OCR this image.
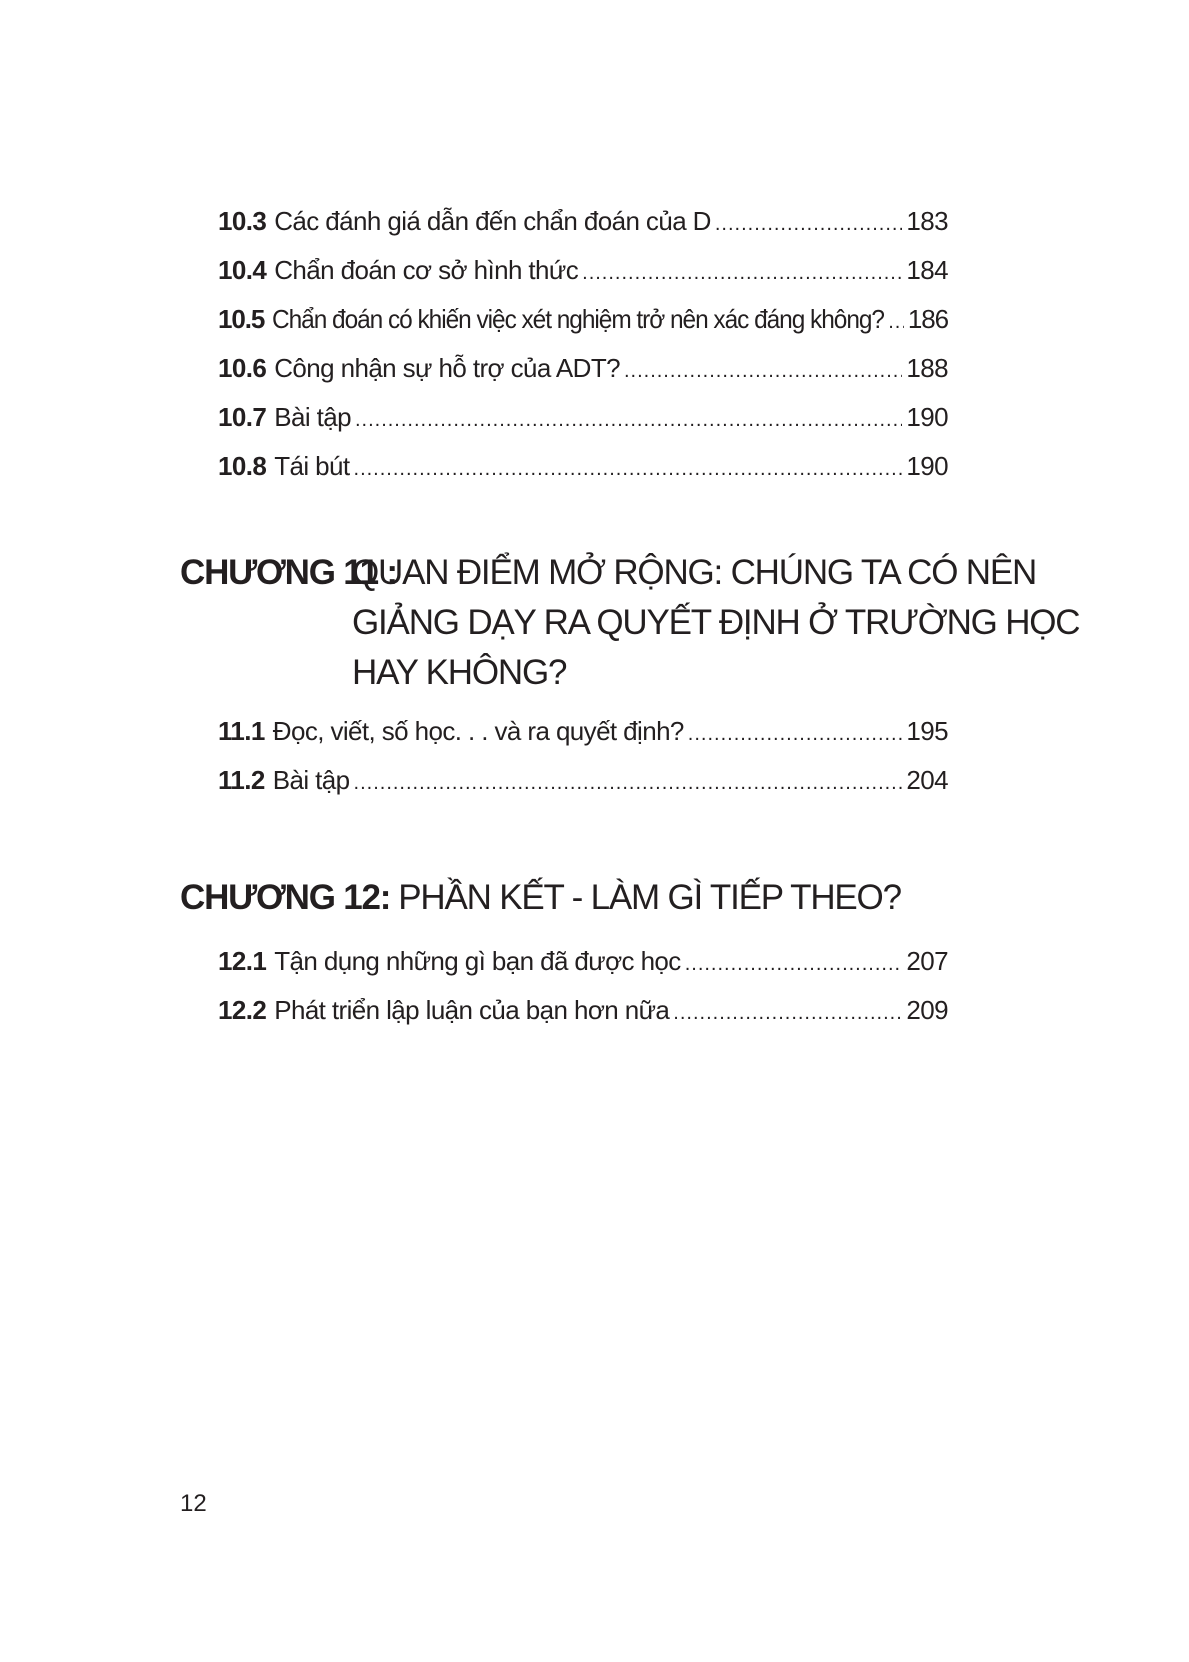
10.3 Các đánh giá dẫn đến chẩn đoán của D .....	183
10.4 Chẩn đoán cơ sở hình thức .....	184
10.5 Chẩn đoán có khiến việc xét nghiệm trở nên xác đáng không? ..... 186
10.6 Công nhận sự hỗ trợ của ADT? .....	188
10.7 Bài tập .....	190
10.8 Tái bút .....	190
CHƯƠNG 11 :
QUAN ĐIỂM MỞ RỘNG: CHÚNG TA CÓ NÊN
GIẢNG DẠY RA QUYẾT ĐỊNH Ở TRƯỜNG HỌC
HAY KHÔNG?
11.1 Đọc, viết, số học. . . và ra quyết định? .....	195
11.2 Bài tập .....	204
CHƯƠNG 12: PHẦN KẾT - LÀM GÌ TIẾP THEO?
12.1 Tận dụng những gì bạn đã được học .....	207
12.2 Phát triển lập luận của bạn hơn nữa .....	209
12
